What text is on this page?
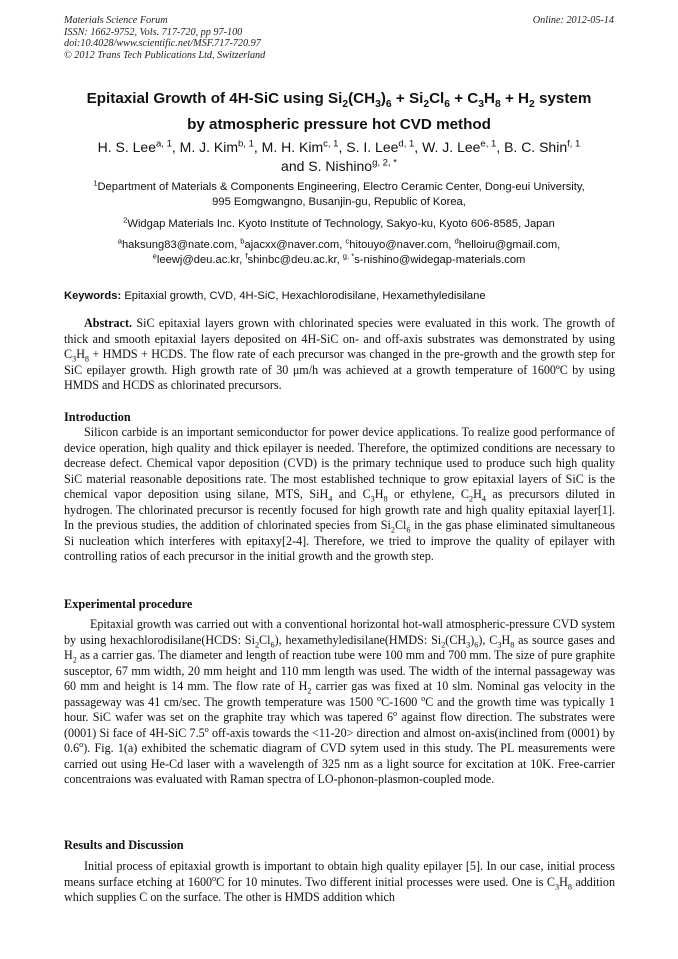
Materials Science Forum
ISSN: 1662-9752, Vols. 717-720, pp 97-100
doi:10.4028/www.scientific.net/MSF.717-720.97
© 2012 Trans Tech Publications Ltd, Switzerland
Online: 2012-05-14
Epitaxial Growth of 4H-SiC using $Si_2(CH_3)_6 + Si_2Cl_6 + C_3H_8 + H_2$ system
by atmospheric pressure hot CVD method
H. S. Lee$^{a, 1}$, M. J. Kim$^{b, 1}$, M. H. Kim$^{c, 1}$, S. I. Lee$^{d, 1}$, W. J. Lee$^{e, 1}$, B. C. Shin$^{f, 1}$
and S. Nishino$^{g, 2, *}$
$^1$Department of Materials & Components Engineering, Electro Ceramic Center, Dong-eui University,
995 Eomgwangno, Busanjin-gu, Republic of Korea,
$^2$Widgap Materials Inc. Kyoto Institute of Technology, Sakyo-ku, Kyoto 606-8585, Japan
$^a$haksung83@nate.com, $^b$ajacxx@naver.com, $^c$hitouyo@naver.com, $^d$helloiru@gmail.com,
$^e$leewj@deu.ac.kr, $^f$shinbc@deu.ac.kr, $^{g, *}$s-nishino@widegap-materials.com
Keywords: Epitaxial growth, CVD, 4H-SiC, Hexachlorodisilane, Hexamethyledisilane

Abstract. SiC epitaxial layers grown with chlorinated species were evaluated in this work. The growth of thick and smooth epitaxial layers deposited on 4H-SiC on- and off-axis substrates was demonstrated by using $C_3H_8$ + HMDS + HCDS. The flow rate of each precursor was changed in the pre-growth and the growth step for SiC epilayer growth. High growth rate of 30 μm/h was achieved at a growth temperature of 1600ºC by using HMDS and HCDS as chlorinated precursors.

Introduction

Silicon carbide is an important semiconductor for power device applications. To realize good performance of device operation, high quality and thick epilayer is needed. Therefore, the optimized conditions are necessary to decrease defect. Chemical vapor deposition (CVD) is the primary technique used to produce such high quality SiC material reasonable depositions rate. The most established technique to grow epitaxial layers of SiC is the chemical vapor deposition using silane, MTS, SiH$_4$ and $C_3H_8$ or ethylene, $C_2H_4$ as precursors diluted in hydrogen. The chlorinated precursor is recently focused for high growth rate and high quality epitaxial layer[1]. In the previous studies, the addition of chlorinated species from $Si_2Cl_6$ in the gas phase eliminated simultaneous Si nucleation which interferes with epitaxy[2-4]. Therefore, we tried to improve the quality of epilayer with controlling ratios of each precursor in the initial growth and the growth step.

Experimental procedure

Epitaxial growth was carried out with a conventional horizontal hot-wall atmospheric-pressure CVD system by using hexachlorodisilane(HCDS: $Si_2Cl_6$), hexamethyledisilane(HMDS: $Si_2(CH_3)_6$), $C_3H_8$ as source gases and $H_2$ as a carrier gas. The diameter and length of reaction tube were 100 mm and 700 mm. The size of pure graphite susceptor, 67 mm width, 20 mm height and 110 mm length was used. The width of the internal passageway was 60 mm and height is 14 mm. The flow rate of $H_2$ carrier gas was fixed at 10 slm. Nominal gas velocity in the passageway was 41 cm/sec. The growth temperature was 1500 $^o$C-1600 $^o$C and the growth time was typically 1 hour. SiC wafer was set on the graphite tray which was tapered 6$^o$ against flow direction. The substrates were (0001) Si face of 4H-SiC 7.5$^o$ off-axis towards the <11-20> direction and almost on-axis(inclined from (0001) by 0.6$^o$). Fig. 1(a) exhibited the schematic diagram of CVD sytem used in this study. The PL measurements were carried out using He-Cd laser with a wavelength of 325 nm as a light source for excitation at 10K. Free-carrier concentraions was evaluated with Raman spectra of LO-phonon-plasmon-coupled mode.

Results and Discussion

Initial process of epitaxial growth is important to obtain high quality epilayer [5]. In our case, initial process means surface etching at 1600$^o$C for 10 minutes. Two different initial processes were used. One is $C_3H_8$ addition which supplies C on the surface. The other is HMDS addition which
